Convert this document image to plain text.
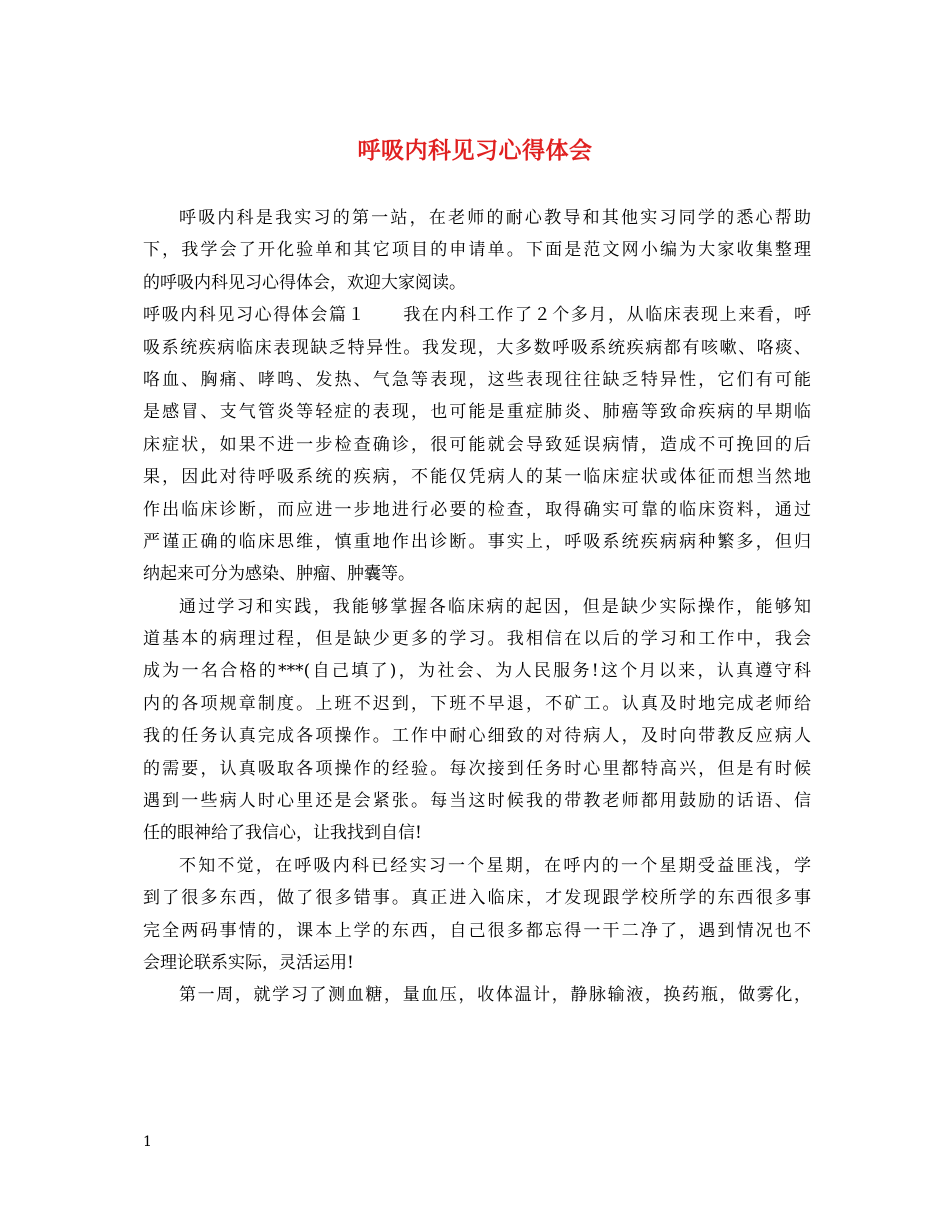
呼吸内科见习心得体会
呼吸内科是我实习的第一站，在老师的耐心教导和其他实习同学的悉心帮助
下，我学会了开化验单和其它项目的申请单。下面是范文网小编为大家收集整理
的呼吸内科见习心得体会，欢迎大家阅读。
呼吸内科见习心得体会篇１　　我在内科工作了２个多月，从临床表现上来看，呼
吸系统疾病临床表现缺乏特异性。我发现，大多数呼吸系统疾病都有咳嗽、咯痰、
咯血、胸痛、哮鸣、发热、气急等表现，这些表现往往缺乏特异性，它们有可能
是感冒、支气管炎等轻症的表现，也可能是重症肺炎、肺癌等致命疾病的早期临
床症状，如果不进一步检查确诊，很可能就会导致延误病情，造成不可挽回的后
果，因此对待呼吸系统的疾病，不能仅凭病人的某一临床症状或体征而想当然地
作出临床诊断，而应进一步地进行必要的检查，取得确实可靠的临床资料，通过
严谨正确的临床思维，慎重地作出诊断。事实上，呼吸系统疾病病种繁多，但归
纳起来可分为感染、肿瘤、肿囊等。
通过学习和实践，我能够掌握各临床病的起因，但是缺少实际操作，能够知
道基本的病理过程，但是缺少更多的学习。我相信在以后的学习和工作中，我会
成为一名合格的***(自己填了)，为社会、为人民服务!这个月以来，认真遵守科
内的各项规章制度。上班不迟到，下班不早退，不矿工。认真及时地完成老师给
我的任务认真完成各项操作。工作中耐心细致的对待病人，及时向带教反应病人
的需要，认真吸取各项操作的经验。每次接到任务时心里都特高兴，但是有时候
遇到一些病人时心里还是会紧张。每当这时候我的带教老师都用鼓励的话语、信
任的眼神给了我信心，让我找到自信!
不知不觉，在呼吸内科已经实习一个星期，在呼内的一个星期受益匪浅，学
到了很多东西，做了很多错事。真正进入临床，才发现跟学校所学的东西很多事
完全两码事情的，课本上学的东西，自己很多都忘得一干二净了，遇到情况也不
会理论联系实际，灵活运用!
第一周，就学习了测血糖，量血压，收体温计，静脉输液，换药瓶，做雾化，
1
